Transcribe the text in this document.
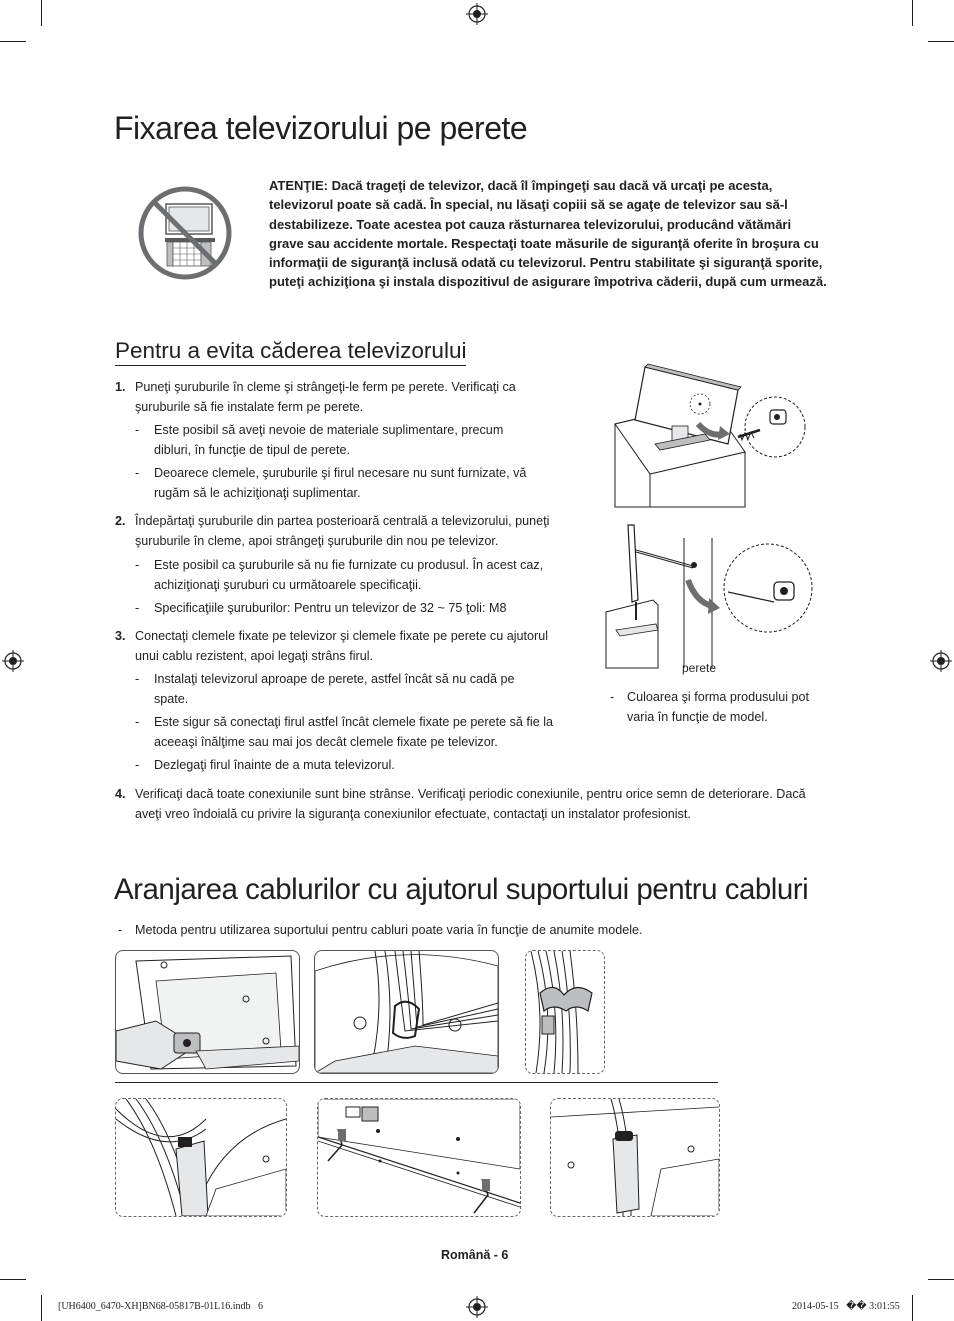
Fixarea televizorului pe perete
ATENŢIE: Dacă trageţi de televizor, dacă îl împingeţi sau dacă vă urcaţi pe acesta, televizorul poate să cadă. În special, nu lăsaţi copiii să se agaţe de televizor sau să-l destabilizeze. Toate acestea pot cauza răsturnarea televizorului, producând vătămări grave sau accidente mortale. Respectaţi toate măsurile de siguranţă oferite în broşura cu informaţii de siguranţă inclusă odată cu televizorul. Pentru stabilitate şi siguranţă sporite, puteţi achiziţiona şi instala dispozitivul de asigurare împotriva căderii, după cum urmează.
Pentru a evita căderea televizorului
1. Puneţi şuruburile în cleme şi strângeţi-le ferm pe perete. Verificaţi ca şuruburile să fie instalate ferm pe perete.
- Este posibil să aveţi nevoie de materiale suplimentare, precum dibluri, în funcţie de tipul de perete.
- Deoarece clemele, şuruburile şi firul necesare nu sunt furnizate, vă rugăm să le achiziţionaţi suplimentar.
2. Îndepărtaţi şuruburile din partea posterioară centrală a televizorului, puneţi şuruburile în cleme, apoi strângeţi şuruburile din nou pe televizor.
- Este posibil ca şuruburile să nu fie furnizate cu produsul. În acest caz, achiziţionaţi şuruburi cu următoarele specificaţii.
- Specificaţiile şuruburilor: Pentru un televizor de 32 ~ 75 ţoli: M8
3. Conectaţi clemele fixate pe televizor şi clemele fixate pe perete cu ajutorul unui cablu rezistent, apoi legaţi strâns firul.
- Instalaţi televizorul aproape de perete, astfel încât să nu cadă pe spate.
- Este sigur să conectaţi firul astfel încât clemele fixate pe perete să fie la aceeaşi înălţime sau mai jos decât clemele fixate pe televizor.
- Dezlegaţi firul înainte de a muta televizorul.
4. Verificaţi dacă toate conexiunile sunt bine strânse. Verificaţi periodic conexiunile, pentru orice semn de deteriorare. Dacă aveţi vreo îndoială cu privire la siguranţa conexiunilor efectuate, contactaţi un instalator profesionist.
perete
- Culoarea şi forma produsului pot varia în funcţie de model.
Aranjarea cablurilor cu ajutorul suportului pentru cabluri
- Metoda pentru utilizarea suportului pentru cabluri poate varia în funcţie de anumite modele.
Română - 6
[UH6400_6470-XH]BN68-05817B-01L16.indb   6	2014-05-15   �� 3:01:55
